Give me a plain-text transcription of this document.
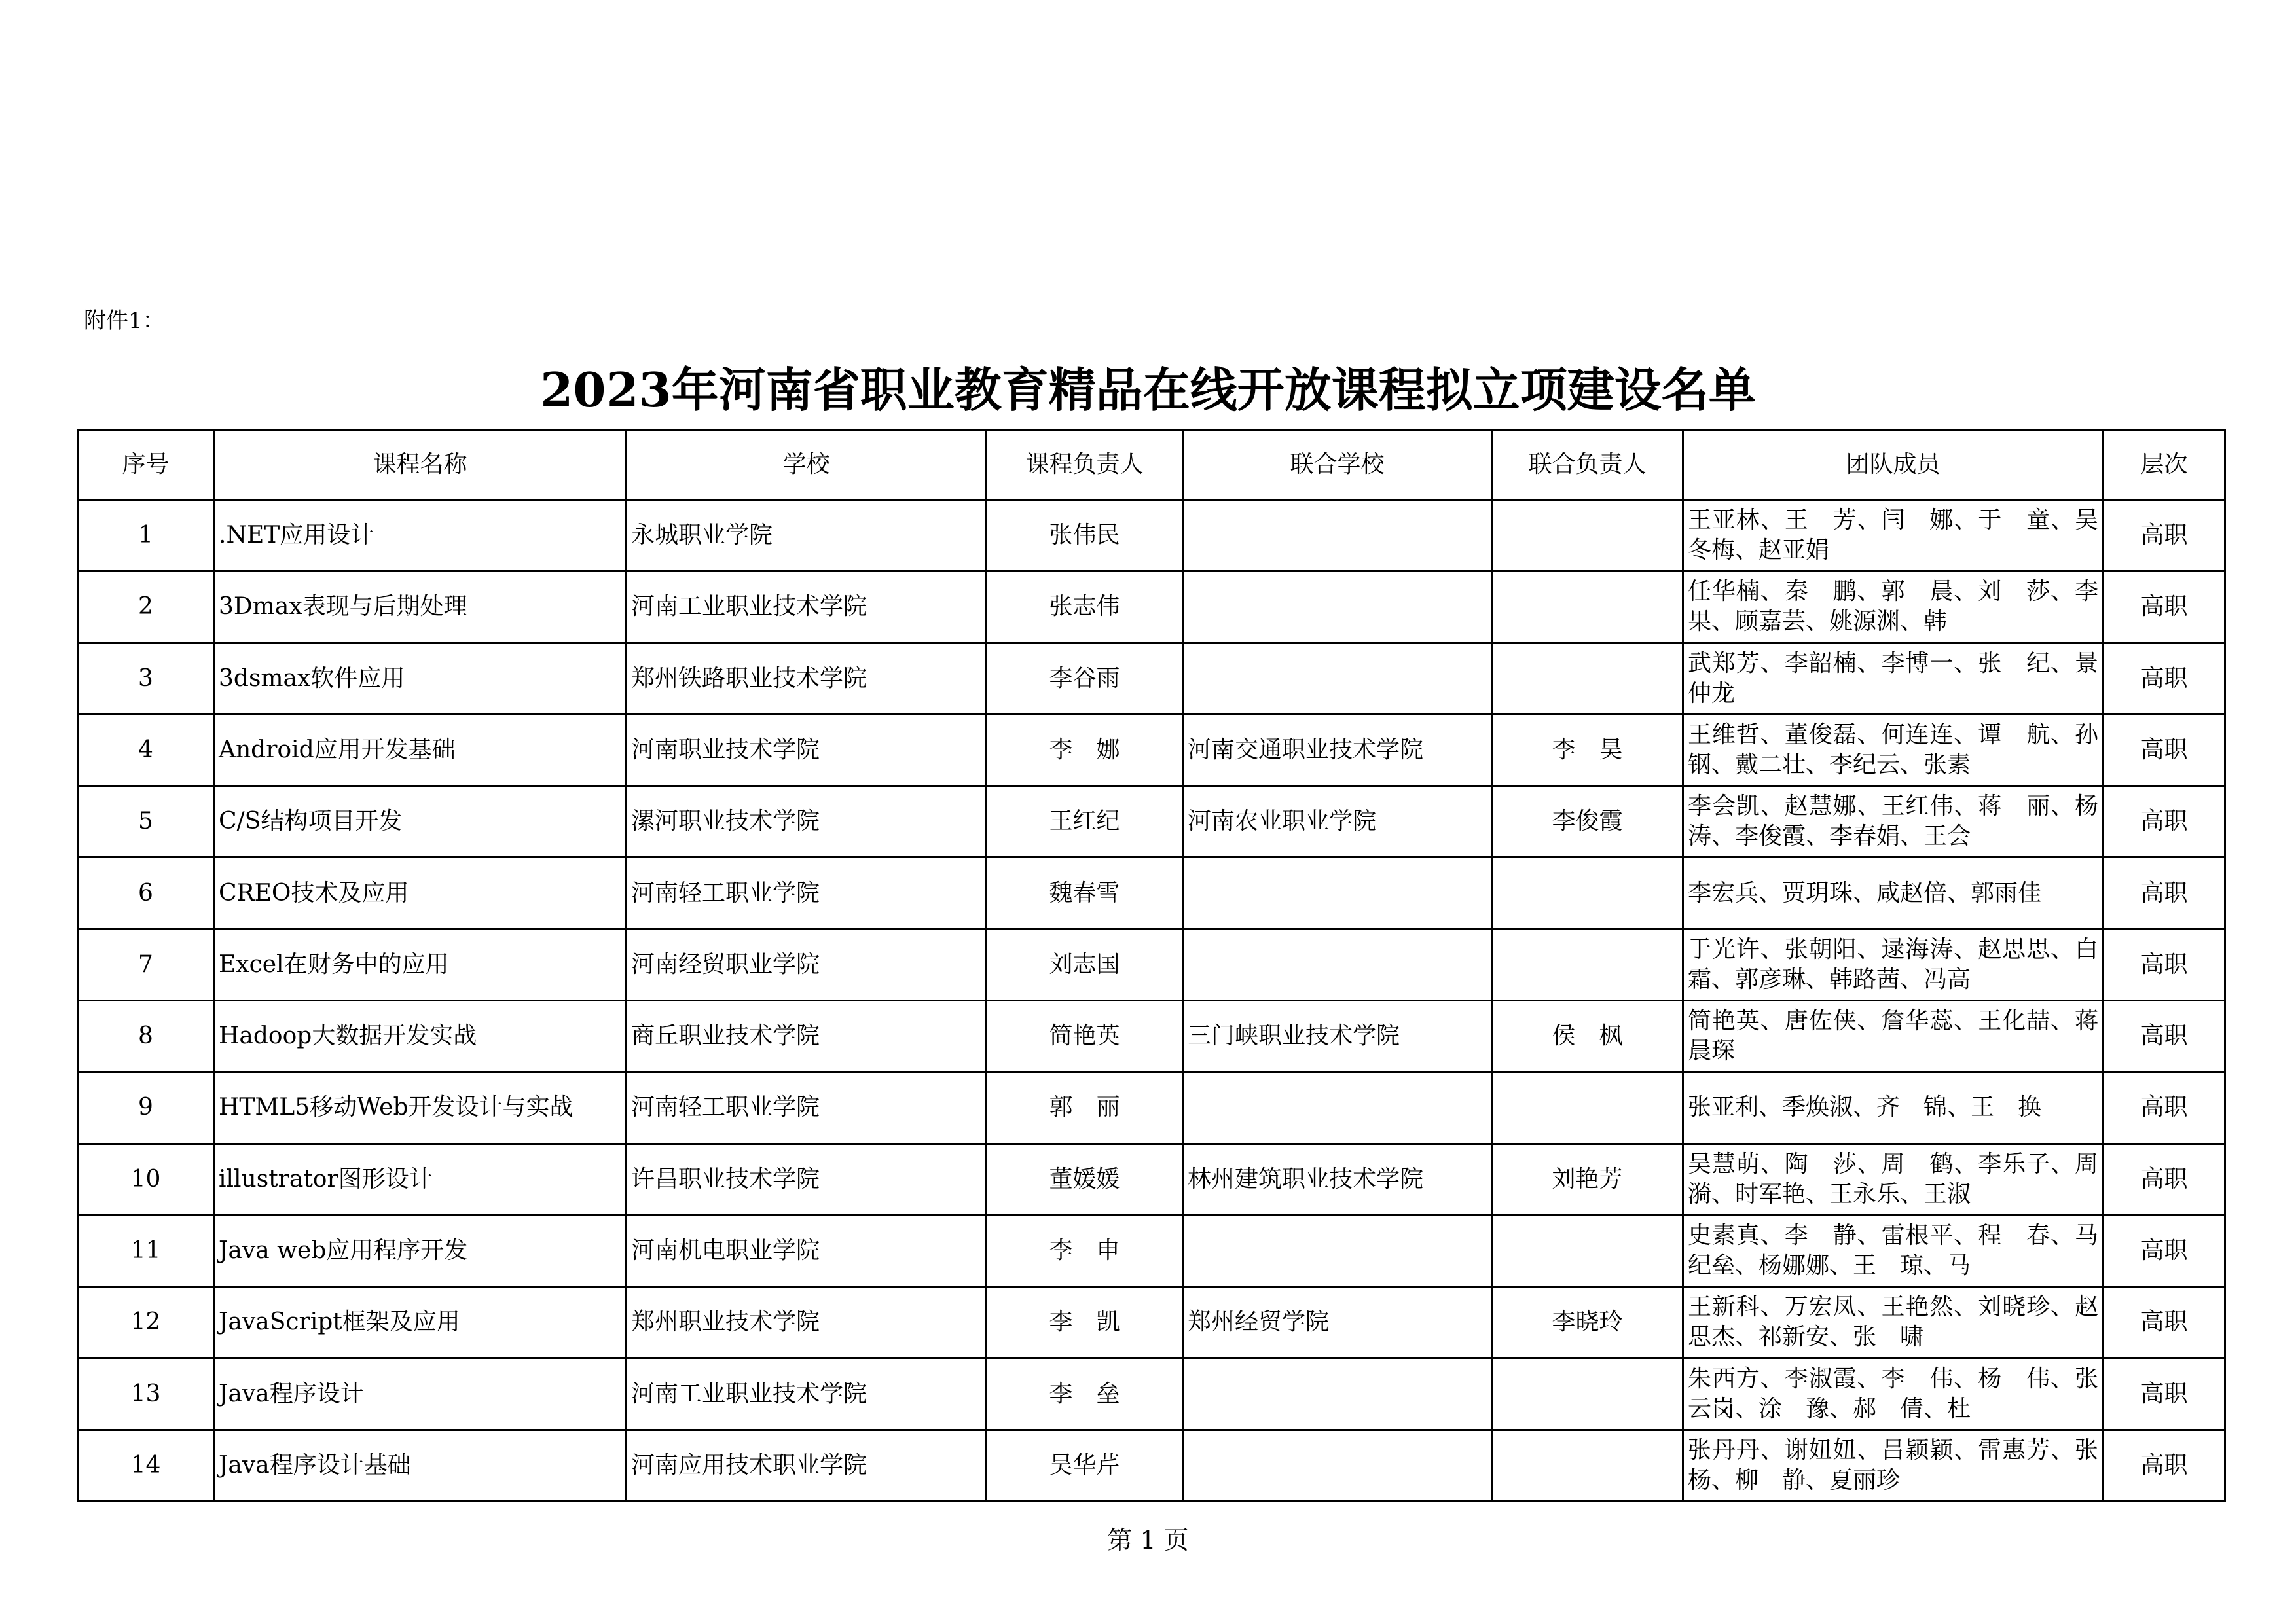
附件1：
2023年河南省职业教育精品在线开放课程拟立项建设名单
序号	课程名称	学校	课程负责人	联合学校	联合负责人	团队成员	层次
1	.NET应用设计	永城职业学院	张伟民			王亚林、王　芳、闫　娜、于　童、吴冬梅、赵亚娟	高职
2	3Dmax表现与后期处理	河南工业职业技术学院	张志伟			任华楠、秦　鹏、郭　晨、刘　莎、李　果、顾嘉芸、姚源渊、韩	高职
3	3dsmax软件应用	郑州铁路职业技术学院	李谷雨			武郑芳、李韶楠、李博一、张　纪、景仲龙	高职
4	Android应用开发基础	河南职业技术学院	李　娜	河南交通职业技术学院	李　昊	王维哲、董俊磊、何连连、谭　航、孙　钢、戴二壮、李纪云、张素	高职
5	C/S结构项目开发	漯河职业技术学院	王红纪	河南农业职业学院	李俊霞	李会凯、赵慧娜、王红伟、蒋　丽、杨　涛、李俊霞、李春娟、王会	高职
6	CREO技术及应用	河南轻工职业学院	魏春雪			李宏兵、贾玥珠、咸赵倍、郭雨佳	高职
7	Excel在财务中的应用	河南经贸职业学院	刘志国			于光许、张朝阳、逯海涛、赵思思、白　霜、郭彦琳、韩路茜、冯高	高职
8	Hadoop大数据开发实战	商丘职业技术学院	简艳英	三门峡职业技术学院	侯　枫	简艳英、唐佐侠、詹华蕊、王化喆、蒋晨琛	高职
9	HTML5移动Web开发设计与实战	河南轻工职业学院	郭　丽			张亚利、季焕淑、齐　锦、王　换	高职
10	illustrator图形设计	许昌职业技术学院	董媛媛	林州建筑职业技术学院	刘艳芳	吴慧萌、陶　莎、周　鹤、李乐子、周　漪、时军艳、王永乐、王淑	高职
11	Java web应用程序开发	河南机电职业学院	李　申			史素真、李　静、雷根平、程　春、马纪垒、杨娜娜、王　琼、马	高职
12	JavaScript框架及应用	郑州职业技术学院	李　凯	郑州经贸学院	李晓玲	王新科、万宏凤、王艳然、刘晓珍、赵思杰、祁新安、张　啸	高职
13	Java程序设计	河南工业职业技术学院	李　垒			朱西方、李淑霞、李　伟、杨　伟、张云岗、涂　豫、郝　倩、杜	高职
14	Java程序设计基础	河南应用技术职业学院	吴华芹			张丹丹、谢妞妞、吕颖颖、雷惠芳、张　杨、柳　静、夏丽珍	高职
第 1 页
